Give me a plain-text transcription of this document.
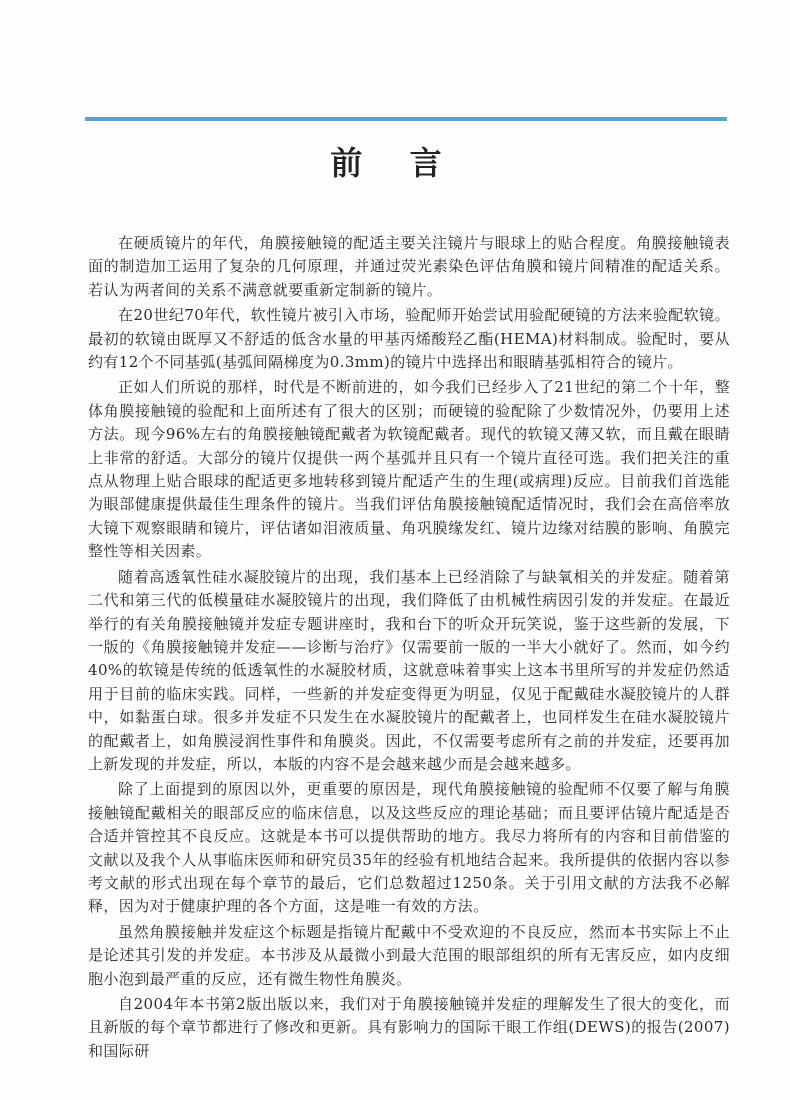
前 言

在硬质镜片的年代，角膜接触镜的配适主要关注镜片与眼球上的贴合程度。角膜接触镜表面的制造加工运用了复杂的几何原理，并通过荧光素染色评估角膜和镜片间精准的配适关系。若认为两者间的关系不满意就要重新定制新的镜片。

在20世纪70年代，软性镜片被引入市场，验配师开始尝试用验配硬镜的方法来验配软镜。最初的软镜由既厚又不舒适的低含水量的甲基丙烯酸羟乙酯(HEMA)材料制成。验配时，要从约有12个不同基弧(基弧间隔梯度为0.3mm)的镜片中选择出和眼睛基弧相符合的镜片。

正如人们所说的那样，时代是不断前进的，如今我们已经步入了21世纪的第二个十年，整体角膜接触镜的验配和上面所述有了很大的区别；而硬镜的验配除了少数情况外，仍要用上述方法。现今96%左右的角膜接触镜配戴者为软镜配戴者。现代的软镜又薄又软，而且戴在眼睛上非常的舒适。大部分的镜片仅提供一两个基弧并且只有一个镜片直径可选。我们把关注的重点从物理上贴合眼球的配适更多地转移到镜片配适产生的生理(或病理)反应。目前我们首选能为眼部健康提供最佳生理条件的镜片。当我们评估角膜接触镜配适情况时，我们会在高倍率放大镜下观察眼睛和镜片，评估诸如泪液质量、角巩膜缘发红、镜片边缘对结膜的影响、角膜完整性等相关因素。

随着高透氧性硅水凝胶镜片的出现，我们基本上已经消除了与缺氧相关的并发症。随着第二代和第三代的低模量硅水凝胶镜片的出现，我们降低了由机械性病因引发的并发症。在最近举行的有关角膜接触镜并发症专题讲座时，我和台下的听众开玩笑说，鉴于这些新的发展，下一版的《角膜接触镜并发症——诊断与治疗》仅需要前一版的一半大小就好了。然而，如今约40%的软镜是传统的低透氧性的水凝胶材质，这就意味着事实上这本书里所写的并发症仍然适用于目前的临床实践。同样，一些新的并发症变得更为明显，仅见于配戴硅水凝胶镜片的人群中，如黏蛋白球。很多并发症不只发生在水凝胶镜片的配戴者上，也同样发生在硅水凝胶镜片的配戴者上，如角膜浸润性事件和角膜炎。因此，不仅需要考虑所有之前的并发症，还要再加上新发现的并发症，所以，本版的内容不是会越来越少而是会越来越多。

除了上面提到的原因以外，更重要的原因是，现代角膜接触镜的验配师不仅要了解与角膜接触镜配戴相关的眼部反应的临床信息，以及这些反应的理论基础；而且要评估镜片配适是否合适并管控其不良反应。这就是本书可以提供帮助的地方。我尽力将所有的内容和目前借鉴的文献以及我个人从事临床医师和研究员35年的经验有机地结合起来。我所提供的依据内容以参考文献的形式出现在每个章节的最后，它们总数超过1250条。关于引用文献的方法我不必解释，因为对于健康护理的各个方面，这是唯一有效的方法。

虽然角膜接触并发症这个标题是指镜片配戴中不受欢迎的不良反应，然而本书实际上不止是论述其引发的并发症。本书涉及从最微小到最大范围的眼部组织的所有无害反应，如内皮细胞小泡到最严重的反应，还有微生物性角膜炎。

自2004年本书第2版出版以来，我们对于角膜接触镜并发症的理解发生了很大的变化，而且新版的每个章节都进行了修改和更新。具有影响力的国际干眼工作组(DEWS)的报告(2007)和国际研
